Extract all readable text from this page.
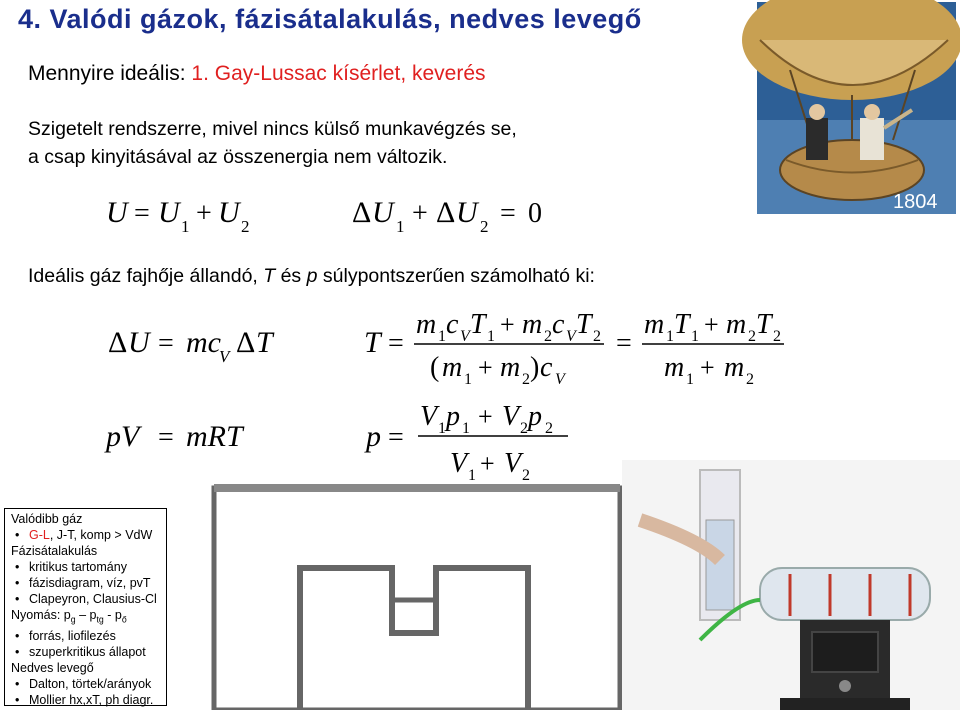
4. Valódi gázok, fázisátalakulás, nedves levegő
Mennyire ideális: 1. Gay-Lussac kísérlet, keverés
Szigetelt rendszerre, mivel nincs külső munkavégzés se,
a csap kinyitásával az összenergia nem változik.
Ideális gáz fajhője állandó, T és p súlypontszerűen számolható ki:
U = U 1 + U 2	Δ U 1 + Δ U 2 = 0
Δ U = mc
V Δ T	T =
m 1 c V T 1 + m 2 c V T 2
( m 1 + m 2 ) c V
=
m 1 T 1 + m 2 T 2
m 1 + m 2
pV = mRT	p =
V 1 p 1 + V 2 p 2
V 1 + V 2
1804
Valódibb gáz
• G-L, J-T, komp > VdW
Fázisátalakulás
• kritikus tartomány
• fázisdiagram, víz, pvT
• Clapeyron, Clausius-Cl
Nyomás: $p_g - p_{tg} - p_ő$
• forrás, liofilezés
• szuperkritikus állapot
Nedves levegő
• Dalton, törtek/arányok
• Mollier hx,xT, ph diagr.
